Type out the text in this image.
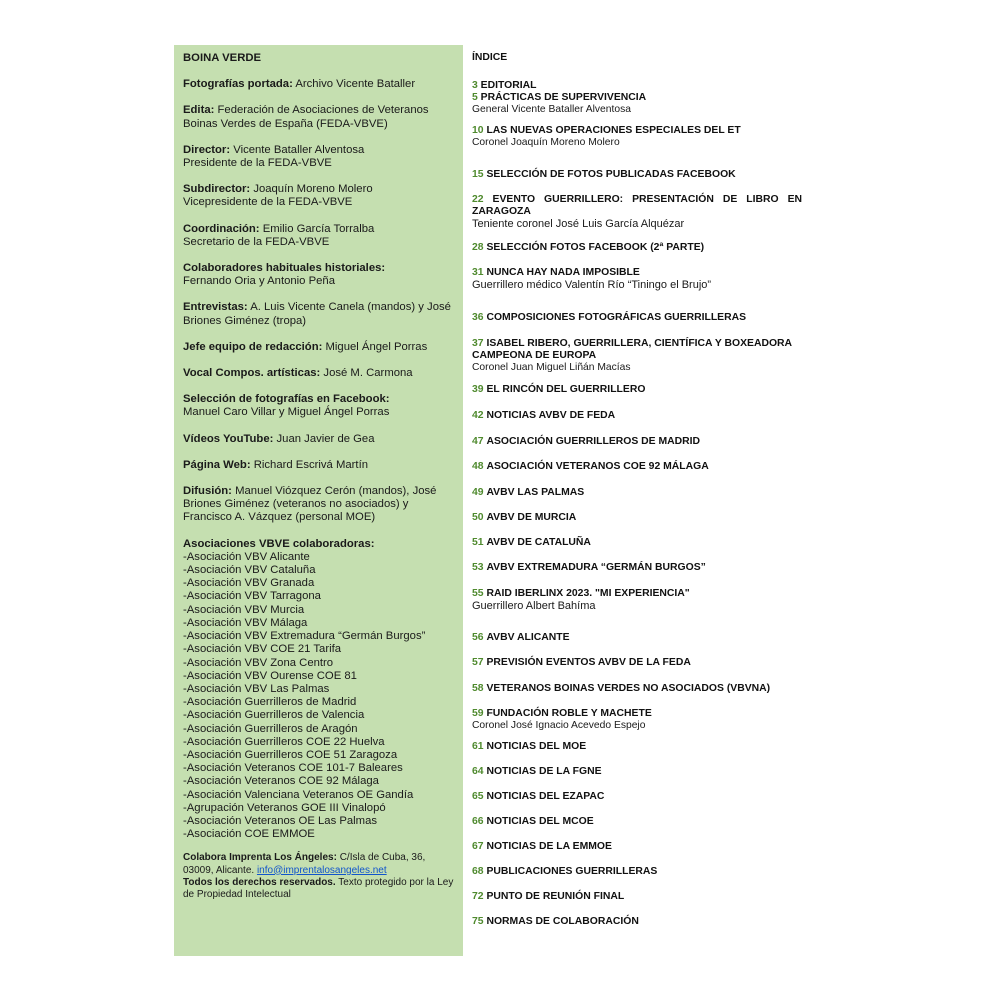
BOINA VERDE
Fotografías portada: Archivo Vicente Bataller
Edita: Federación de Asociaciones de Veteranos Boinas Verdes de España (FEDA-VBVE)
Director: Vicente Bataller Alventosa
Presidente de la FEDA-VBVE
Subdirector: Joaquín Moreno Molero
Vicepresidente de la FEDA-VBVE
Coordinación: Emilio García Torralba
Secretario de la FEDA-VBVE
Colaboradores habituales historiales:
Fernando Oria y Antonio Peña
Entrevistas: A. Luis Vicente Canela (mandos) y José Briones Giménez (tropa)
Jefe equipo de redacción: Miguel Ángel Porras
Vocal Compos. artísticas: José M. Carmona
Selección de fotografías en Facebook:
Manuel Caro Villar y Miguel Ángel Porras
Vídeos YouTube: Juan Javier de Gea
Página Web: Richard Escrivá Martín
Difusión: Manuel Viózquez Cerón (mandos), José Briones Giménez (veteranos no asociados) y Francisco A. Vázquez (personal MOE)
Asociaciones VBVE colaboradoras:
-Asociación VBV Alicante
-Asociación VBV Cataluña
-Asociación VBV Granada
-Asociación VBV Tarragona
-Asociación VBV Murcia
-Asociación VBV Málaga
-Asociación VBV Extremadura “Germán Burgos”
-Asociación VBV COE 21 Tarifa
-Asociación VBV Zona Centro
-Asociación VBV Ourense COE 81
-Asociación VBV Las Palmas
-Asociación Guerrilleros de Madrid
-Asociación Guerrilleros de Valencia
-Asociación Guerrilleros de Aragón
-Asociación Guerrilleros COE 22 Huelva
-Asociación Guerrilleros COE 51 Zaragoza
-Asociación Veteranos COE 101-7 Baleares
-Asociación Veteranos COE 92 Málaga
-Asociación Valenciana Veteranos OE Gandía
-Agrupación Veteranos GOE III Vinalopó
-Asociación Veteranos OE Las Palmas
-Asociación COE EMMOE
Colabora Imprenta Los Ángeles: C/Isla de Cuba, 36, 03009, Alicante. info@imprentalosangeles.net
Todos los derechos reservados. Texto protegido por la Ley de Propiedad Intelectual
ÍNDICE
3 EDITORIAL
5 PRÁCTICAS DE SUPERVIVENCIA
General Vicente Bataller Alventosa
10 LAS NUEVAS OPERACIONES ESPECIALES DEL ET
Coronel Joaquín Moreno Molero
15 SELECCIÓN DE FOTOS PUBLICADAS FACEBOOK
22 EVENTO GUERRILLERO: PRESENTACIÓN DE LIBRO EN ZARAGOZA
Teniente coronel José Luis García Alquézar
28 SELECCIÓN FOTOS FACEBOOK (2ª PARTE)
31 NUNCA HAY NADA IMPOSIBLE
Guerrillero médico Valentín Río “Tiningo el Brujo”
36 COMPOSICIONES FOTOGRÁFICAS GUERRILLERAS
37 ISABEL RIBERO, GUERRILLERA, CIENTÍFICA Y BOXEADORA CAMPEONA DE EUROPA
Coronel Juan Miguel Liñán Macías
39 EL RINCÓN DEL GUERRILLERO
42 NOTICIAS AVBV DE FEDA
47 ASOCIACIÓN GUERRILLEROS DE MADRID
48 ASOCIACIÓN VETERANOS COE 92 MÁLAGA
49 AVBV LAS PALMAS
50 AVBV DE MURCIA
51 AVBV DE CATALUÑA
53 AVBV EXTREMADURA “GERMÁN BURGOS”
55 RAID IBERLINX 2023. "MI EXPERIENCIA"
Guerrillero Albert Bahíma
56 AVBV ALICANTE
57 PREVISIÓN EVENTOS AVBV DE LA FEDA
58 VETERANOS BOINAS VERDES NO ASOCIADOS (VBVNA)
59 FUNDACIÓN ROBLE Y MACHETE
Coronel José Ignacio Acevedo Espejo
61 NOTICIAS DEL MOE
64 NOTICIAS DE LA FGNE
65 NOTICIAS DEL EZAPAC
66 NOTICIAS DEL MCOE
67 NOTICIAS DE LA EMMOE
68 PUBLICACIONES GUERRILLERAS
72 PUNTO DE REUNIÓN FINAL
75 NORMAS DE COLABORACIÓN
